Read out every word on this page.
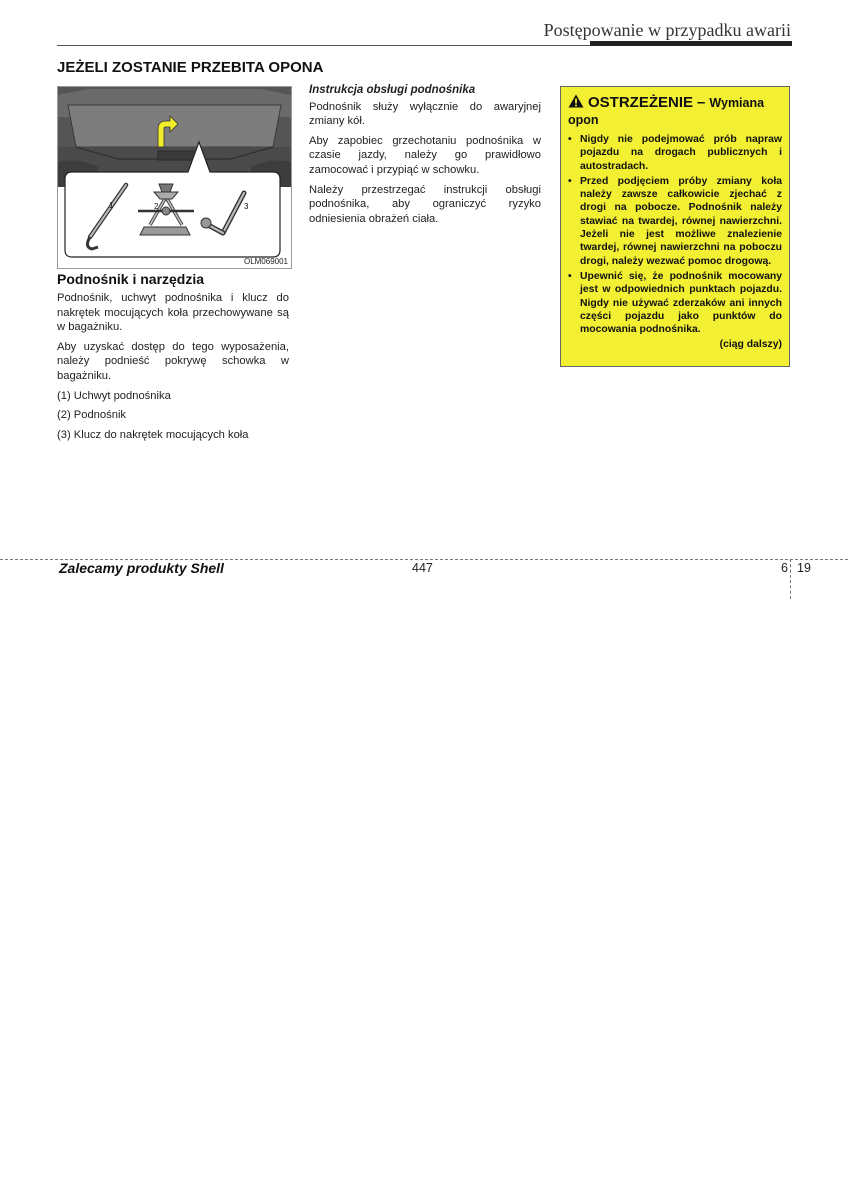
Postępowanie w przypadku awarii
JEŻELI ZOSTANIE PRZEBITA OPONA
1	2	3
OLM069001
Podnośnik i narzędzia

Podnośnik, uchwyt podnośnika i klucz do nakrętek mocujących koła przechowywane są w bagażniku.

Aby uzyskać dostęp do tego wyposażenia, należy podnieść pokrywę schowka w bagażniku.

(1) Uchwyt podnośnika

(2) Podnośnik

(3) Klucz do nakrętek mocujących koła

Instrukcja obsługi podnośnika

Podnośnik służy wyłącznie do awaryjnej zmiany kół.

Aby zapobiec grzechotaniu podnośnika w czasie jazdy, należy go prawidłowo zamocować i przypiąć w schowku.

Należy przestrzegać instrukcji obsługi podnośnika, aby ograniczyć ryzyko odniesienia obrażeń ciała.

OSTRZEŻENIE – Wymiana opon
• Nigdy nie podejmować prób napraw pojazdu na drogach publicznych i autostradach.
• Przed podjęciem próby zmiany koła należy zawsze całkowicie zjechać z drogi na pobocze. Podnośnik należy stawiać na twardej, równej nawierzchni. Jeżeli nie jest możliwe znalezienie twardej, równej nawierzchni na poboczu drogi, należy wezwać pomoc drogową.
• Upewnić się, że podnośnik mocowany jest w odpowiednich punktach pojazdu. Nigdy nie używać zderzaków ani innych części pojazdu jako punktów do mocowania podnośnika.
(ciąg dalszy)
Zalecamy produkty Shell	447	6 19
